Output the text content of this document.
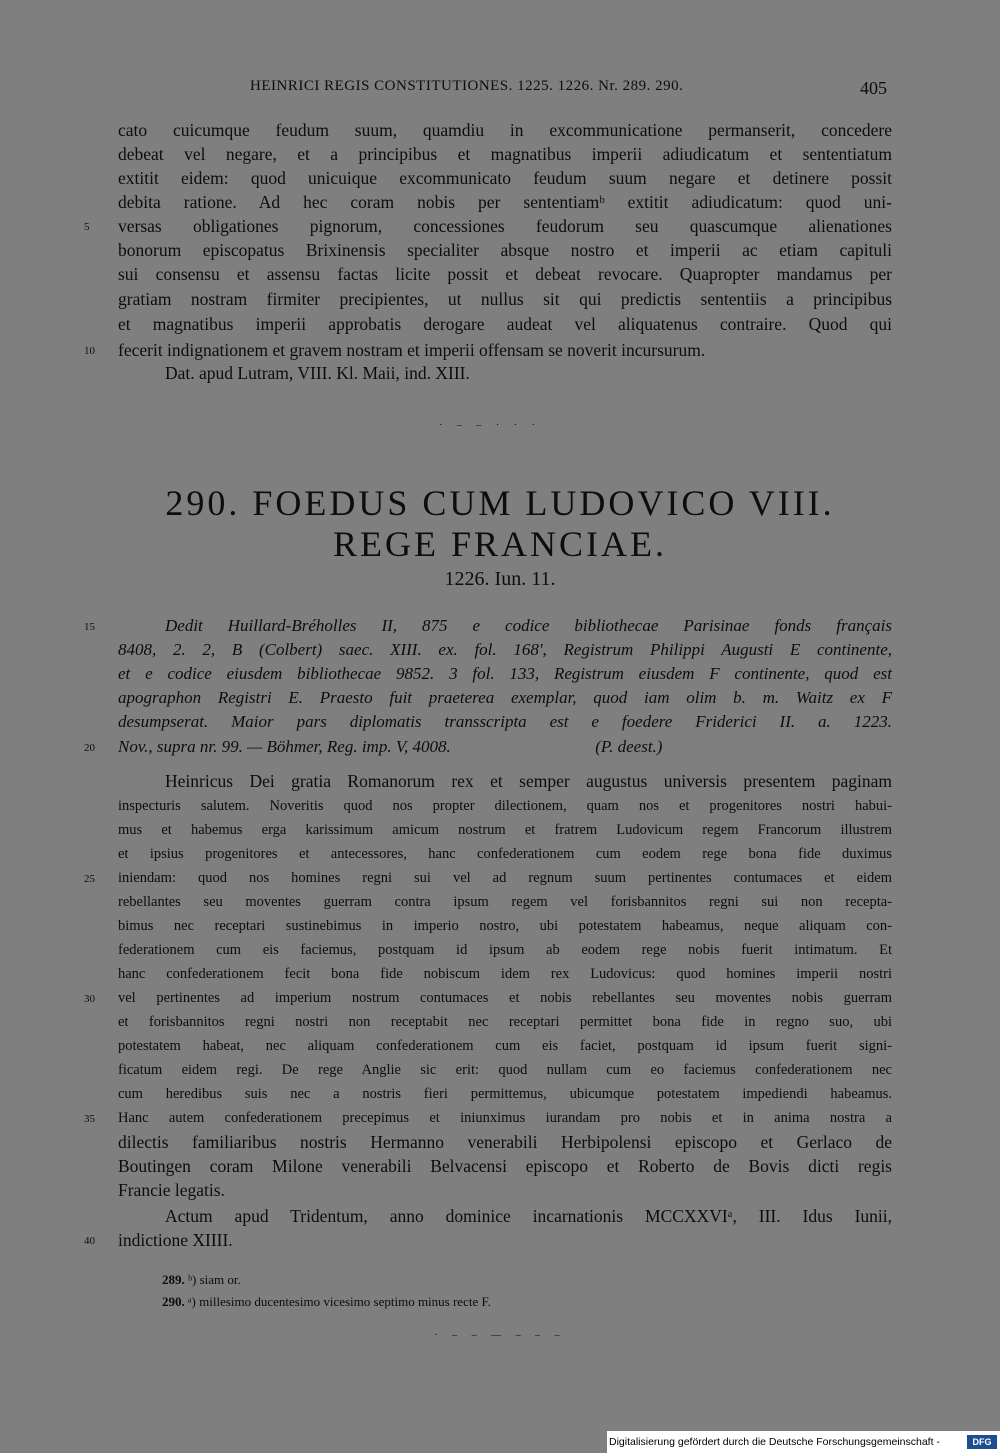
HEINRICI REGIS CONSTITUTIONES. 1225. 1226. Nr. 289. 290.	405
cato cuicumque feudum suum, quamdiu in excommunicatione permanserit, concedere
debeat vel negare, et a principibus et magnatibus imperii adiudicatum et sententiatum
extitit eidem: quod unicuique excommunicato feudum suum negare et detinere possit
debita ratione. Ad hec coram nobis per sententiamᵇ extitit adiudicatum: quod uni-
versas obligationes pignorum, concessiones feudorum seu quascumque alienationes
bonorum episcopatus Brixinensis specialiter absque nostro et imperii ac etiam capituli
sui consensu et assensu factas licite possit et debeat revocare. Quapropter mandamus per
gratiam nostram firmiter precipientes, ut nullus sit qui predictis sententiis a principibus
et magnatibus imperii approbatis derogare audeat vel aliquatenus contraire. Quod qui
fecerit indignationem et gravem nostram et imperii offensam se noverit incursurum.
Dat. apud Lutram, VIII. Kl. Maii, ind. XIII.
5
10
· – – · · ·
290. FOEDUS CUM LUDOVICO VIII.
REGE FRANCIAE.
1226. Iun. 11.
Dedit Huillard-Bréholles II, 875 e codice bibliothecae Parisinae fonds français
8408, 2. 2, B (Colbert) saec. XIII. ex. fol. 168', Registrum Philippi Augusti E continente,
et e codice eiusdem bibliothecae 9852. 3 fol. 133, Registrum eiusdem F continente, quod est
apographon Registri E. Praesto fuit praeterea exemplar, quod iam olim b. m. Waitz ex F
desumpserat. Maior pars diplomatis transscripta est e foedere Friderici II. a. 1223.
Nov., supra nr. 99. — Böhmer, Reg. imp. V, 4008.                                  (P. deest.)
15
20
Heinricus Dei gratia Romanorum rex et semper augustus universis presentem paginam
inspecturis salutem. Noveritis quod nos propter dilectionem, quam nos et progenitores nostri habui-
mus et habemus erga karissimum amicum nostrum et fratrem Ludovicum regem Francorum illustrem
et ipsius progenitores et antecessores, hanc confederationem cum eodem rege bona fide duximus
iniendam: quod nos homines regni sui vel ad regnum suum pertinentes contumaces et eidem
rebellantes seu moventes guerram contra ipsum regem vel forisbannitos regni sui non recepta-
bimus nec receptari sustinebimus in imperio nostro, ubi potestatem habeamus, neque aliquam con-
federationem cum eis faciemus, postquam id ipsum ab eodem rege nobis fuerit intimatum. Et
hanc confederationem fecit bona fide nobiscum idem rex Ludovicus: quod homines imperii nostri
vel pertinentes ad imperium nostrum contumaces et nobis rebellantes seu moventes nobis guerram
et forisbannitos regni nostri non receptabit nec receptari permittet bona fide in regno suo, ubi
potestatem habeat, nec aliquam confederationem cum eis faciet, postquam id ipsum fuerit signi-
ficatum eidem regi. De rege Anglie sic erit: quod nullam cum eo faciemus confederationem nec
cum heredibus suis nec a nostris fieri permittemus, ubicumque potestatem impediendi habeamus.
Hanc autem confederationem precepimus et iniunximus iurandam pro nobis et in anima nostra a
dilectis familiaribus nostris Hermanno venerabili Herbipolensi episcopo et Gerlaco de
Boutingen coram Milone venerabili Belvacensi episcopo et Roberto de Bovis dicti regis
Francie legatis.
Actum apud Tridentum, anno dominice incarnationis MCCXXVIᵃ, III. Idus Iunii,
indictione XIIII.
25
30
35
40
289. ᵇ) siam or.
290. ᵃ) millesimo ducentesimo vicesimo septimo minus recte F.
· – – — – – –
Digitalisierung gefördert durch die Deutsche Forschungsgemeinschaft -	DFG
